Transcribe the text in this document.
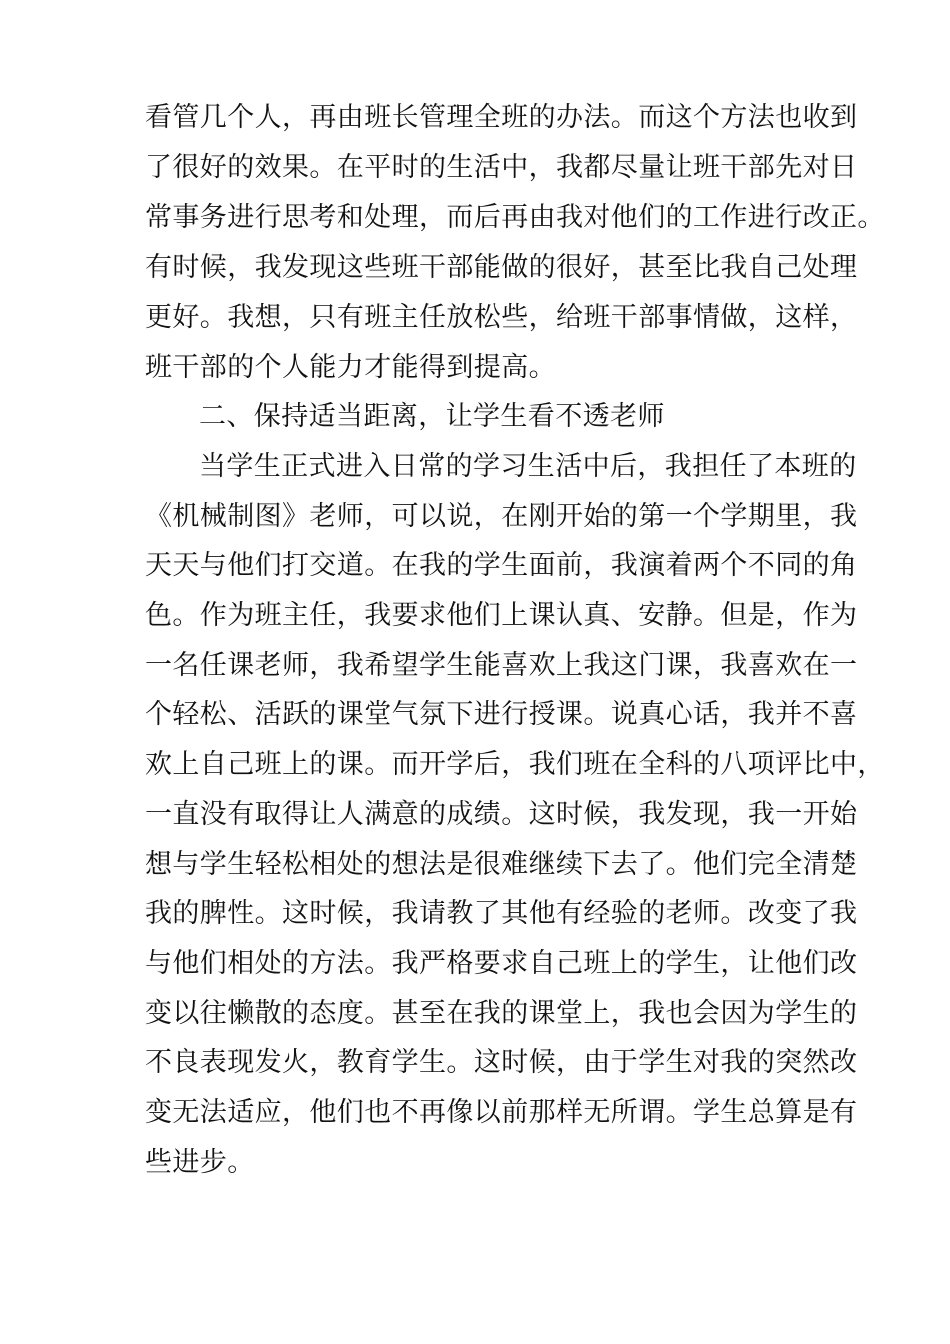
看管几个人，再由班长管理全班的办法。而这个方法也收到
了很好的效果。在平时的生活中，我都尽量让班干部先对日
常事务进行思考和处理，而后再由我对他们的工作进行改正。
有时候，我发现这些班干部能做的很好，甚至比我自己处理
更好。我想，只有班主任放松些，给班干部事情做，这样，
班干部的个人能力才能得到提高。
二、保持适当距离，让学生看不透老师
当学生正式进入日常的学习生活中后，我担任了本班的
《机械制图》老师，可以说，在刚开始的第一个学期里，我
天天与他们打交道。在我的学生面前，我演着两个不同的角
色。作为班主任，我要求他们上课认真、安静。但是，作为
一名任课老师，我希望学生能喜欢上我这门课，我喜欢在一
个轻松、活跃的课堂气氛下进行授课。说真心话，我并不喜
欢上自己班上的课。而开学后，我们班在全科的八项评比中，
一直没有取得让人满意的成绩。这时候，我发现，我一开始
想与学生轻松相处的想法是很难继续下去了。他们完全清楚
我的脾性。这时候，我请教了其他有经验的老师。改变了我
与他们相处的方法。我严格要求自己班上的学生，让他们改
变以往懒散的态度。甚至在我的课堂上，我也会因为学生的
不良表现发火，教育学生。这时候，由于学生对我的突然改
变无法适应，他们也不再像以前那样无所谓。学生总算是有
些进步。
